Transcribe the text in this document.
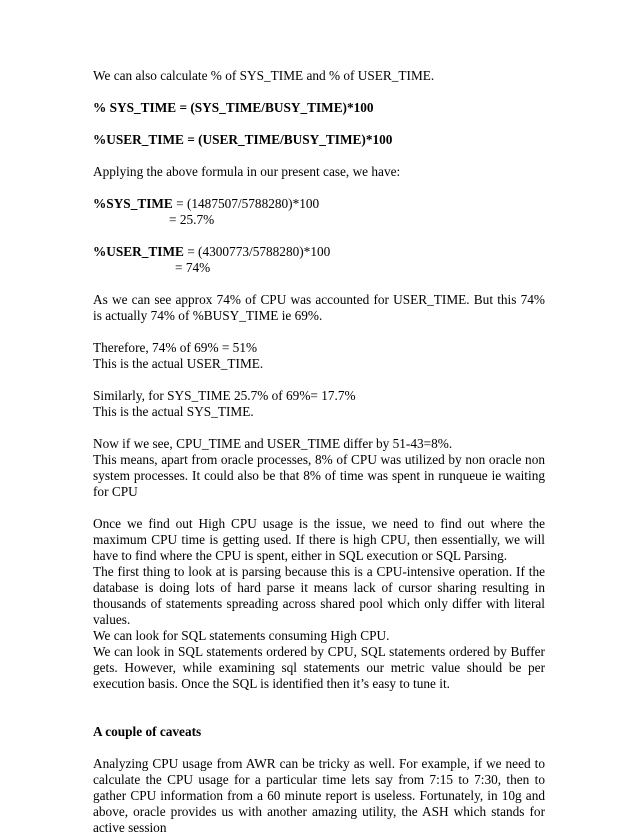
We can also calculate % of SYS_TIME and % of USER_TIME.

% SYS_TIME = (SYS_TIME/BUSY_TIME)*100

%USER_TIME = (USER_TIME/BUSY_TIME)*100

Applying the above formula in our present case, we have:

%SYS_TIME = (1487507/5788280)*100
= 25.7%
%USER_TIME = (4300773/5788280)*100
= 74%

As we can see approx 74% of CPU was accounted for USER_TIME. But this 74% is actually 74% of %BUSY_TIME ie 69%.

Therefore, 74% of 69% = 51%
This is the actual USER_TIME.
Similarly, for SYS_TIME 25.7% of 69%= 17.7%
This is the actual SYS_TIME.
Now if we see, CPU_TIME and USER_TIME differ by 51-43=8%.
This means, apart from oracle processes, 8% of CPU was utilized by non oracle non system processes. It could also be that 8% of time was spent in runqueue ie waiting for CPU
Once we find out High CPU usage is the issue, we need to find out where the maximum CPU time is getting used. If there is high CPU, then essentially, we will have to find where the CPU is spent, either in SQL execution or SQL Parsing.
The first thing to look at is parsing because this is a CPU-intensive operation. If the database is doing lots of hard parse it means lack of cursor sharing resulting in thousands of statements spreading across shared pool which only differ with literal values.
We can look for SQL statements consuming High CPU.
We can look in SQL statements ordered by CPU, SQL statements ordered by Buffer gets. However, while examining sql statements our metric value should be per execution basis. Once the SQL is identified then it’s easy to tune it.

A couple of caveats

Analyzing CPU usage from AWR can be tricky as well. For example, if we need to calculate the CPU usage for a particular time lets say from 7:15 to 7:30, then to gather CPU information from a 60 minute report is useless. Fortunately, in 10g and above, oracle provides us with another amazing utility, the ASH which stands for active session
